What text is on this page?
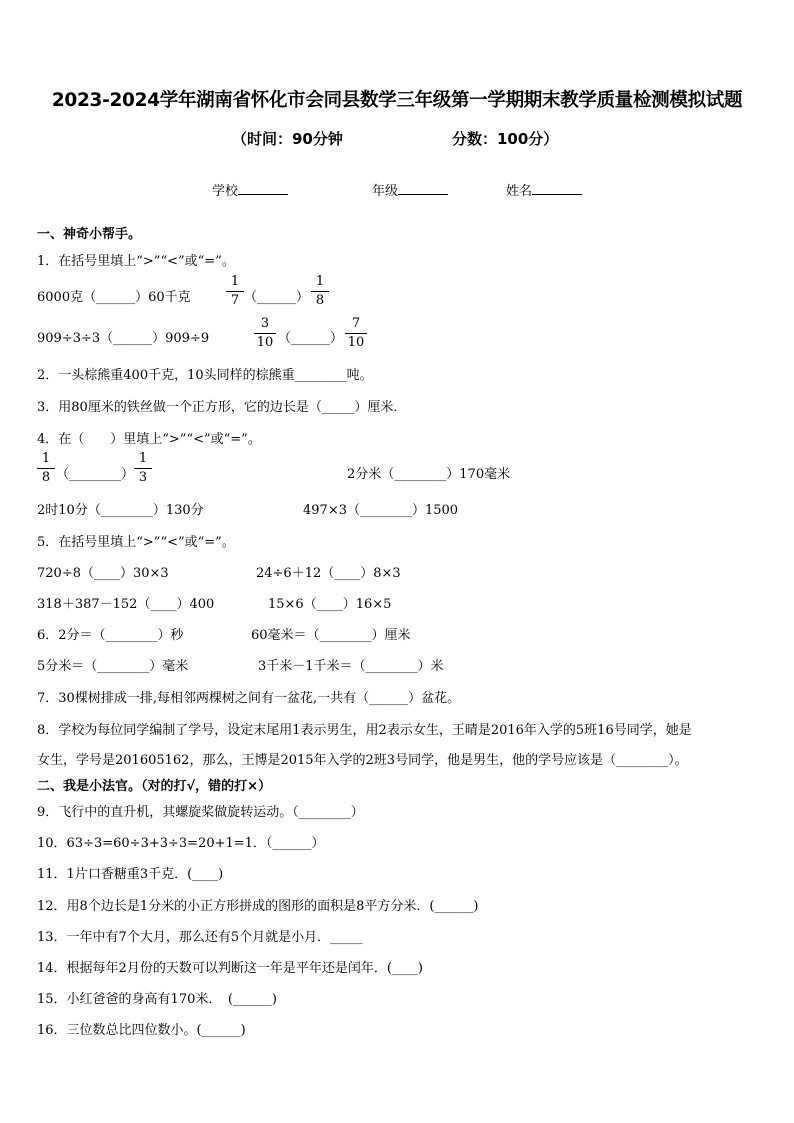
2023-2024学年湖南省怀化市会同县数学三年级第一学期期末教学质量检测模拟试题
（时间：90分钟	分数：100分）
学校	年级	姓名
一、神奇小帮手。
1．在括号里填上“>”“<”或“=”。
6000克（______）60千克
1
7 （______）
1
8
909÷3÷3（______）909÷9
3
10 （______）
7
10
2．一头棕熊重400千克，10头同样的棕熊重________吨。
3．用80厘米的铁丝做一个正方形，它的边长是（_____）厘米．
4．在（　　）里填上“>”“<”或“=”。
1
8 （________）
1
3	2分米（________）170毫米
2时10分（________）130分	497×3（________）1500
5．在括号里填上“>”“<”或“=”。
720÷8（____）30×3	24÷6＋12（____）8×3
318＋387－152（____）400	15×6（____）16×5
6．2分＝（________）秒	60毫米＝（________）厘米
5分米＝（________）毫米	3千米－1千米＝（________）米
7．30棵树排成一排,每相邻两棵树之间有一盆花,一共有（______）盆花。
8．学校为每位同学编制了学号，设定末尾用1表示男生，用2表示女生，王晴是2016年入学的5班16号同学，她是
女生，学号是201605162，那么，王博是2015年入学的2班3号同学，他是男生，他的学号应该是（________）。
二、我是小法官。（对的打√，错的打×）
9．飞行中的直升机，其螺旋桨做旋转运动。（________）
10．63÷3=60÷3+3÷3=20+1=1．（______）
11．1片口香糖重3千克．(____)
12．用8个边长是1分米的小正方形拼成的图形的面积是8平方分米．(______)
13．一年中有7个大月，那么还有5个月就是小月．_____
14．根据每年2月份的天数可以判断这一年是平年还是闰年．(____)
15．小红爸爸的身高有170米．　(______)
16．三位数总比四位数小。(______)
